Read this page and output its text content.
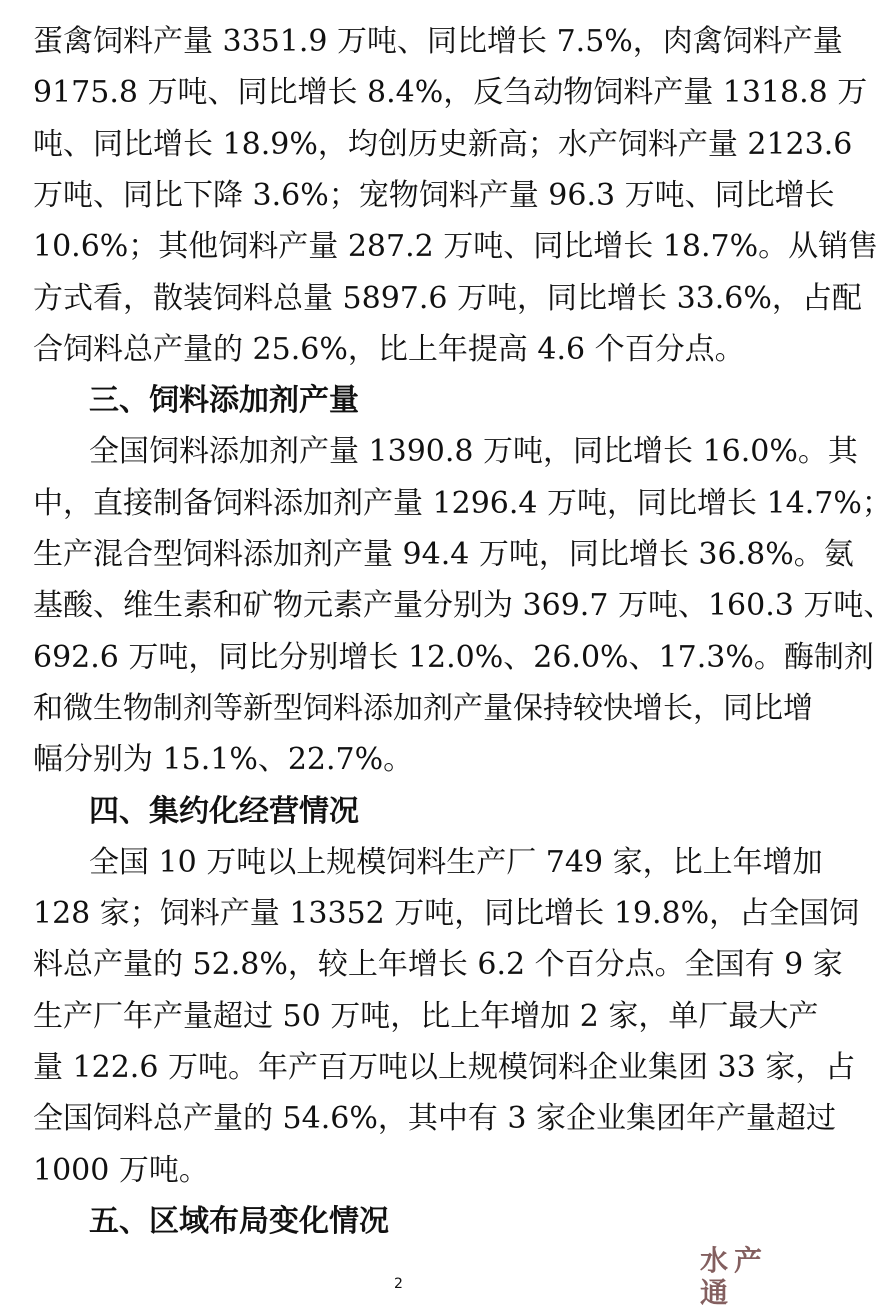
蛋禽饲料产量 3351.9 万吨、同比增长 7.5%，肉禽饲料产量

9175.8 万吨、同比增长 8.4%，反刍动物饲料产量 1318.8 万

吨、同比增长 18.9%，均创历史新高；水产饲料产量 2123.6

万吨、同比下降 3.6%；宠物饲料产量 96.3 万吨、同比增长

10.6%；其他饲料产量 287.2 万吨、同比增长 18.7%。从销售

方式看，散装饲料总量 5897.6 万吨，同比增长 33.6%，占配

合饲料总产量的 25.6%，比上年提高 4.6 个百分点。

三、饲料添加剂产量

全国饲料添加剂产量 1390.8 万吨，同比增长 16.0%。其

中，直接制备饲料添加剂产量 1296.4 万吨，同比增长 14.7%；

生产混合型饲料添加剂产量 94.4 万吨，同比增长 36.8%。氨

基酸、维生素和矿物元素产量分别为 369.7 万吨、160.3 万吨、

692.6 万吨，同比分别增长 12.0%、26.0%、17.3%。酶制剂

和微生物制剂等新型饲料添加剂产量保持较快增长，同比增

幅分别为 15.1%、22.7%。

四、集约化经营情况

全国 10 万吨以上规模饲料生产厂 749 家，比上年增加

128 家；饲料产量 13352 万吨，同比增长 19.8%，占全国饲

料总产量的 52.8%，较上年增长 6.2 个百分点。全国有 9 家

生产厂年产量超过 50 万吨，比上年增加 2 家，单厂最大产

量 122.6 万吨。年产百万吨以上规模饲料企业集团 33 家，占

全国饲料总产量的 54.6%，其中有 3 家企业集团年产量超过

1000 万吨。

五、区域布局变化情况
2
水产通
